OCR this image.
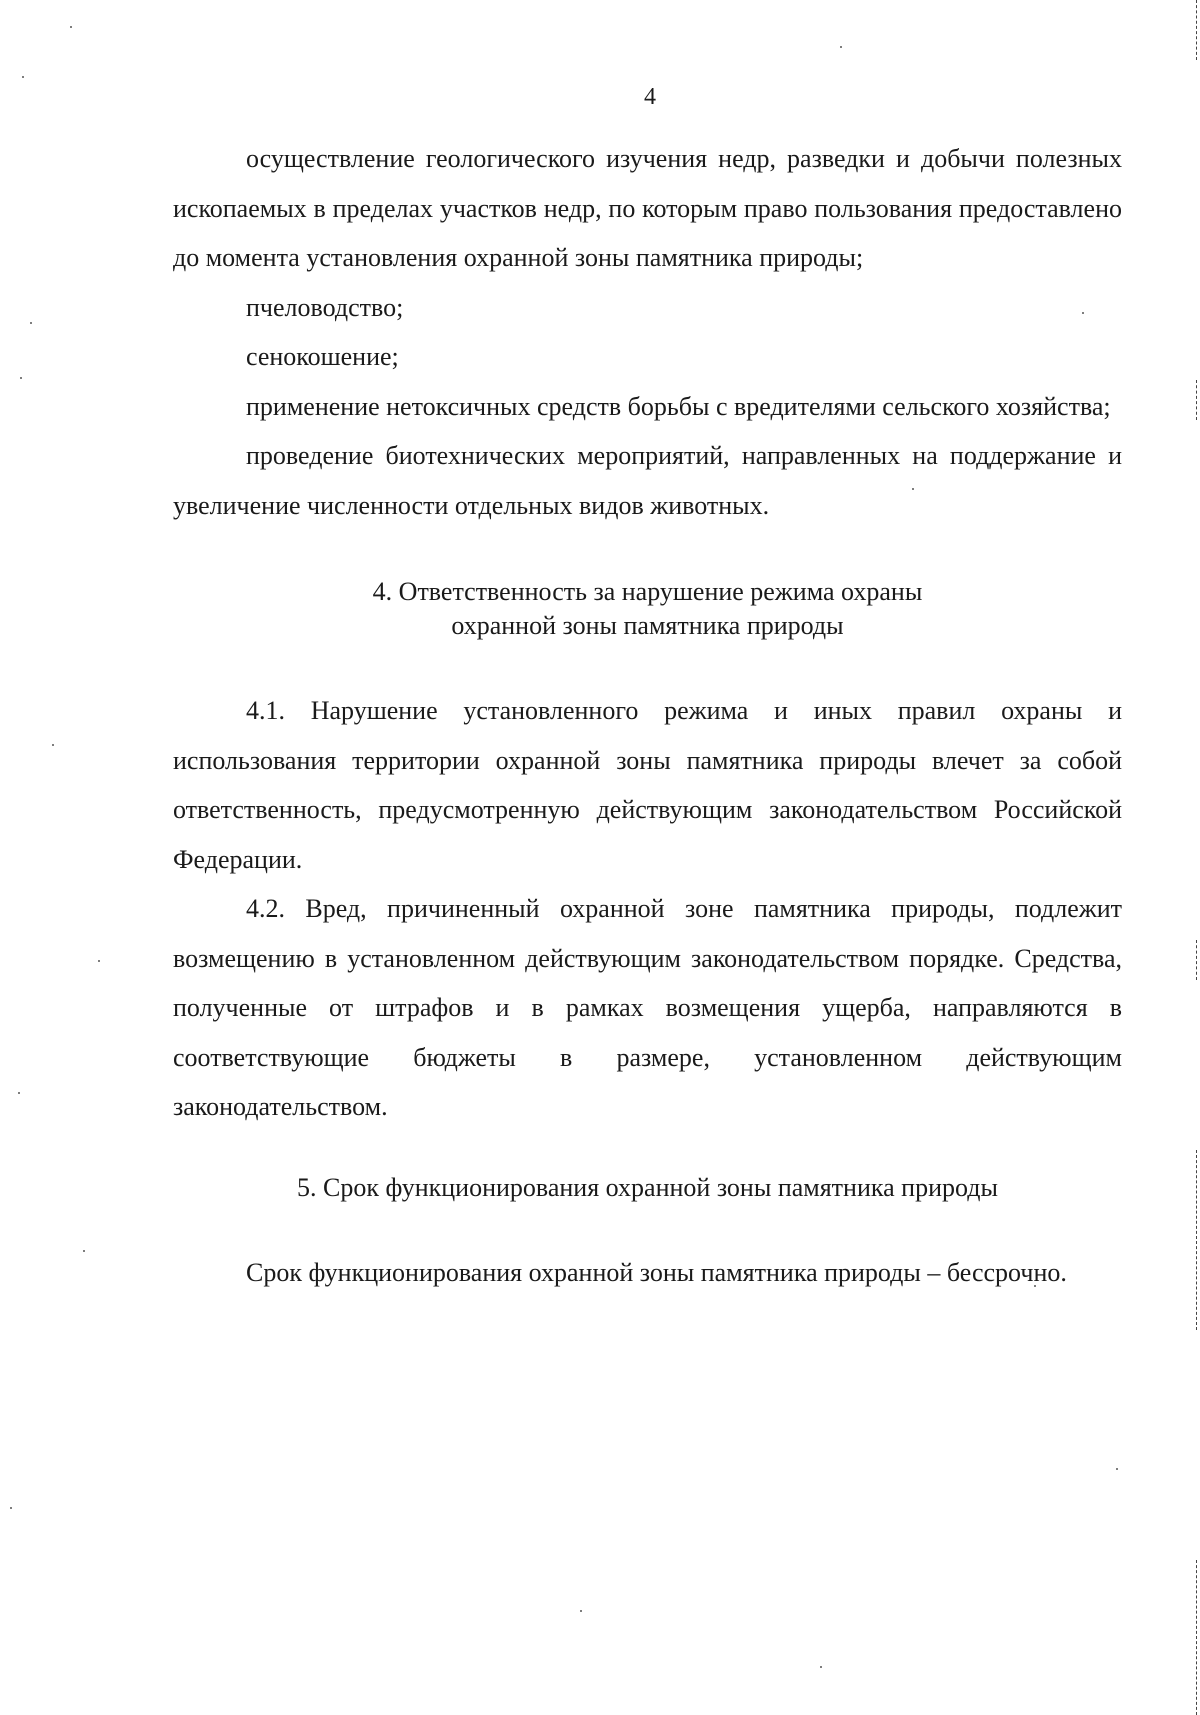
4

осуществление геологического изучения недр, разведки и добычи полезных ископаемых в пределах участков недр, по которым право пользования предоставлено до момента установления охранной зоны памятника природы;

пчеловодство;

сенокошение;

применение нетоксичных средств борьбы с вредителями сельского хозяйства;

проведение биотехнических мероприятий, направленных на поддержание и увеличение численности отдельных видов животных.

4. Ответственность за нарушение режима охраны
охранной зоны памятника природы

4.1. Нарушение установленного режима и иных правил охраны и использования территории охранной зоны памятника природы влечет за собой ответственность, предусмотренную действующим законодательством Российской Федерации.

4.2. Вред, причиненный охранной зоне памятника природы, подлежит возмещению в установленном действующим законодательством порядке. Средства, полученные от штрафов и в рамках возмещения ущерба, направляются в соответствующие бюджеты в размере, установленном действующим законодательством.

5. Срок функционирования охранной зоны памятника природы

Срок функционирования охранной зоны памятника природы – бессрочно.
